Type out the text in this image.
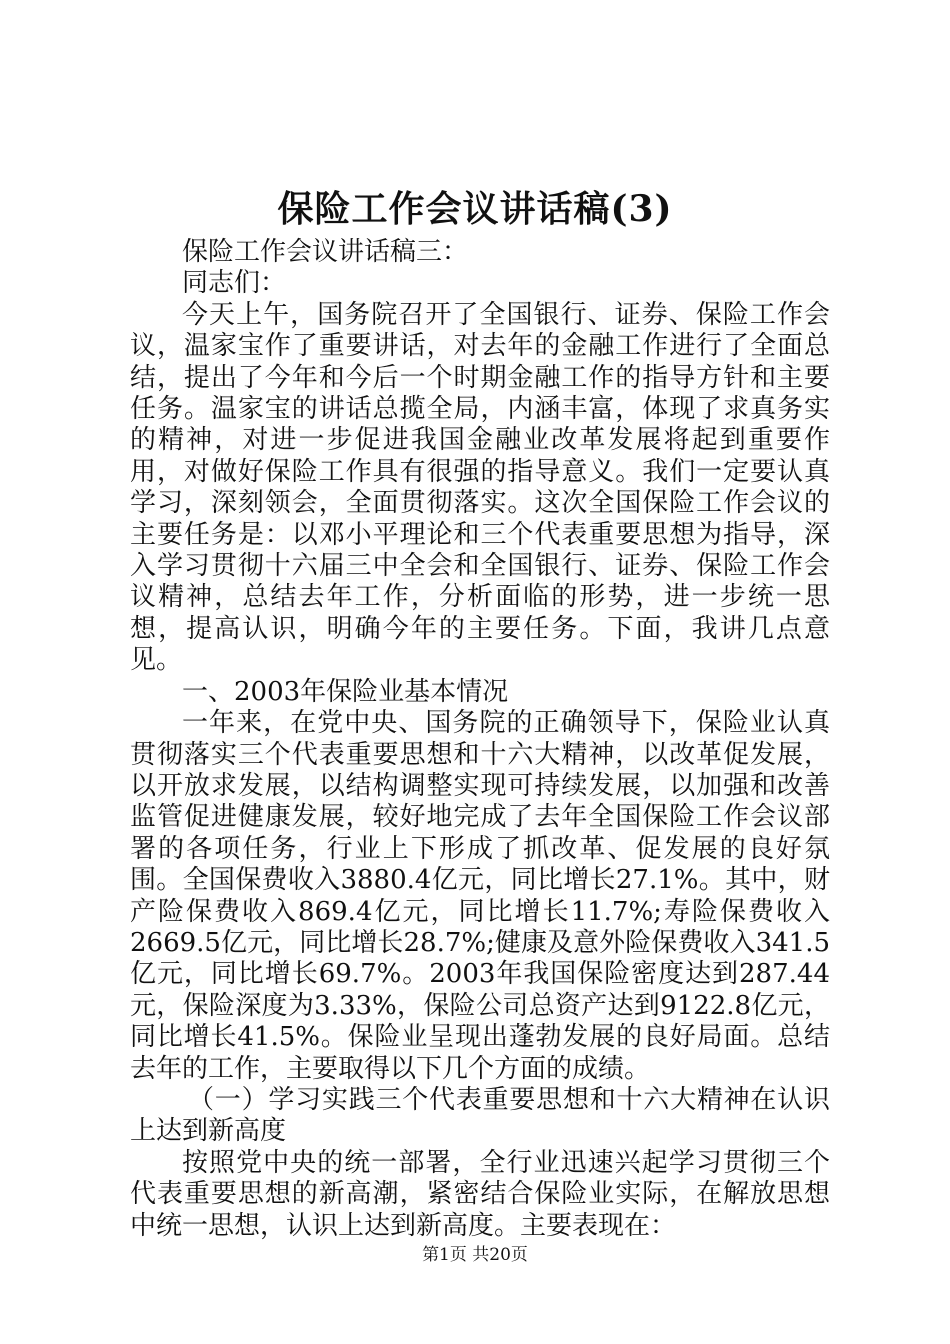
保险工作会议讲话稿(3)

保险工作会议讲话稿三：

同志们：

今天上午，国务院召开了全国银行、证券、保险工作会议，温家宝作了重要讲话，对去年的金融工作进行了全面总结，提出了今年和今后一个时期金融工作的指导方针和主要任务。温家宝的讲话总揽全局，内涵丰富，体现了求真务实的精神，对进一步促进我国金融业改革发展将起到重要作用，对做好保险工作具有很强的指导意义。我们一定要认真学习，深刻领会，全面贯彻落实。这次全国保险工作会议的主要任务是：以邓小平理论和三个代表重要思想为指导，深入学习贯彻十六届三中全会和全国银行、证券、保险工作会议精神，总结去年工作，分析面临的形势，进一步统一思想，提高认识，明确今年的主要任务。下面，我讲几点意见。

一、2003年保险业基本情况

一年来，在党中央、国务院的正确领导下，保险业认真贯彻落实三个代表重要思想和十六大精神，以改革促发展，以开放求发展，以结构调整实现可持续发展，以加强和改善监管促进健康发展，较好地完成了去年全国保险工作会议部署的各项任务，行业上下形成了抓改革、促发展的良好氛围。全国保费收入3880.4亿元，同比增长27.1%。其中，财产险保费收入869.4亿元，同比增长11.7%;寿险保费收入2669.5亿元，同比增长28.7%;健康及意外险保费收入341.5亿元，同比增长69.7%。2003年我国保险密度达到287.44元，保险深度为3.33%，保险公司总资产达到9122.8亿元，同比增长41.5%。保险业呈现出蓬勃发展的良好局面。总结去年的工作，主要取得以下几个方面的成绩。

（一）学习实践三个代表重要思想和十六大精神在认识上达到新高度

按照党中央的统一部署，全行业迅速兴起学习贯彻三个代表重要思想的新高潮，紧密结合保险业实际，在解放思想中统一思想，认识上达到新高度。主要表现在：

第1页 共20页
